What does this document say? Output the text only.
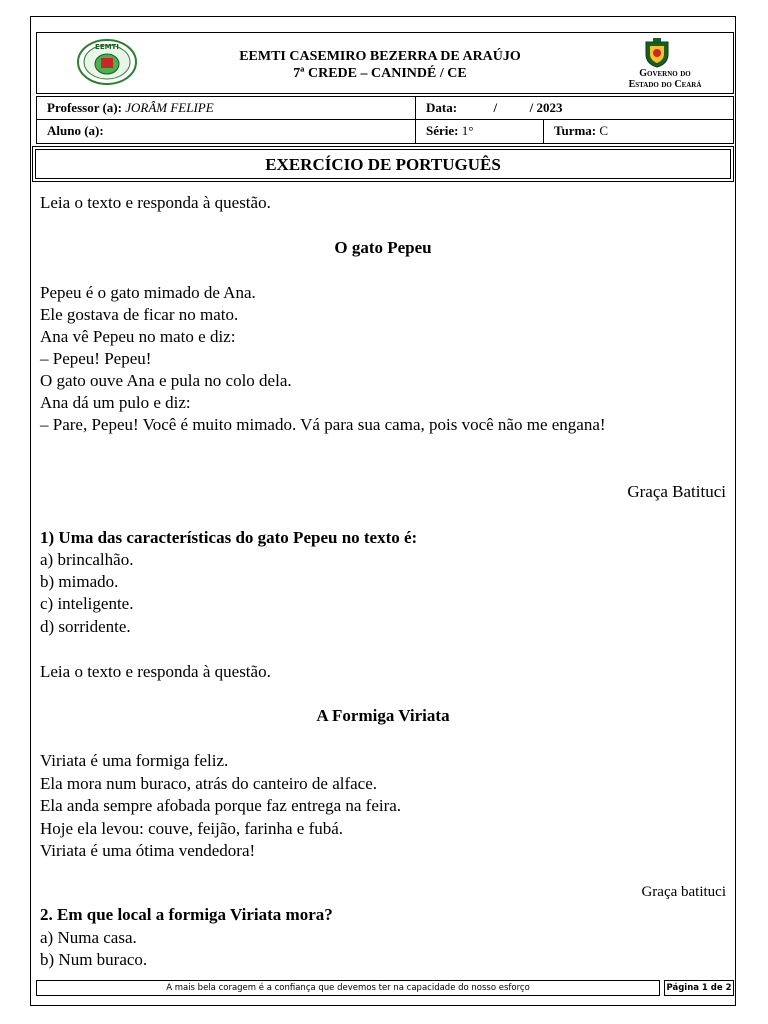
EEMTI
EEMTI CASEMIRO BEZERRA DE ARAÚJO
7ª CREDE – CANINDÉ / CE	Governo do
Estado do Ceará
Professor (a): JORÂM FELIPE	Data:	/          / 2023
Aluno (a):	Série: 1°	Turma: C
EXERCÍCIO DE PORTUGUÊS
Leia o texto e responda à questão.
O gato Pepeu
Pepeu é o gato mimado de Ana.
Ele gostava de ficar no mato.
Ana vê Pepeu no mato e diz:
– Pepeu! Pepeu!
O gato ouve Ana e pula no colo dela.
Ana dá um pulo e diz:
– Pare, Pepeu! Você é muito mimado. Vá para sua cama, pois você não me engana!
Graça Batituci
1) Uma das características do gato Pepeu no texto é:
a) brincalhão.
b) mimado.
c) inteligente.
d) sorridente.
Leia o texto e responda à questão.
A Formiga Viriata
Viriata é uma formiga feliz.
Ela mora num buraco, atrás do canteiro de alface.
Ela anda sempre afobada porque faz entrega na feira.
Hoje ela levou: couve, feijão, farinha e fubá.
Viriata é uma ótima vendedora!
Graça batituci
2. Em que local a formiga Viriata mora?
a) Numa casa.
b) Num buraco.
A mais bela coragem é a confiança que devemos ter na capacidade do nosso esforço	Página 1 de 2
